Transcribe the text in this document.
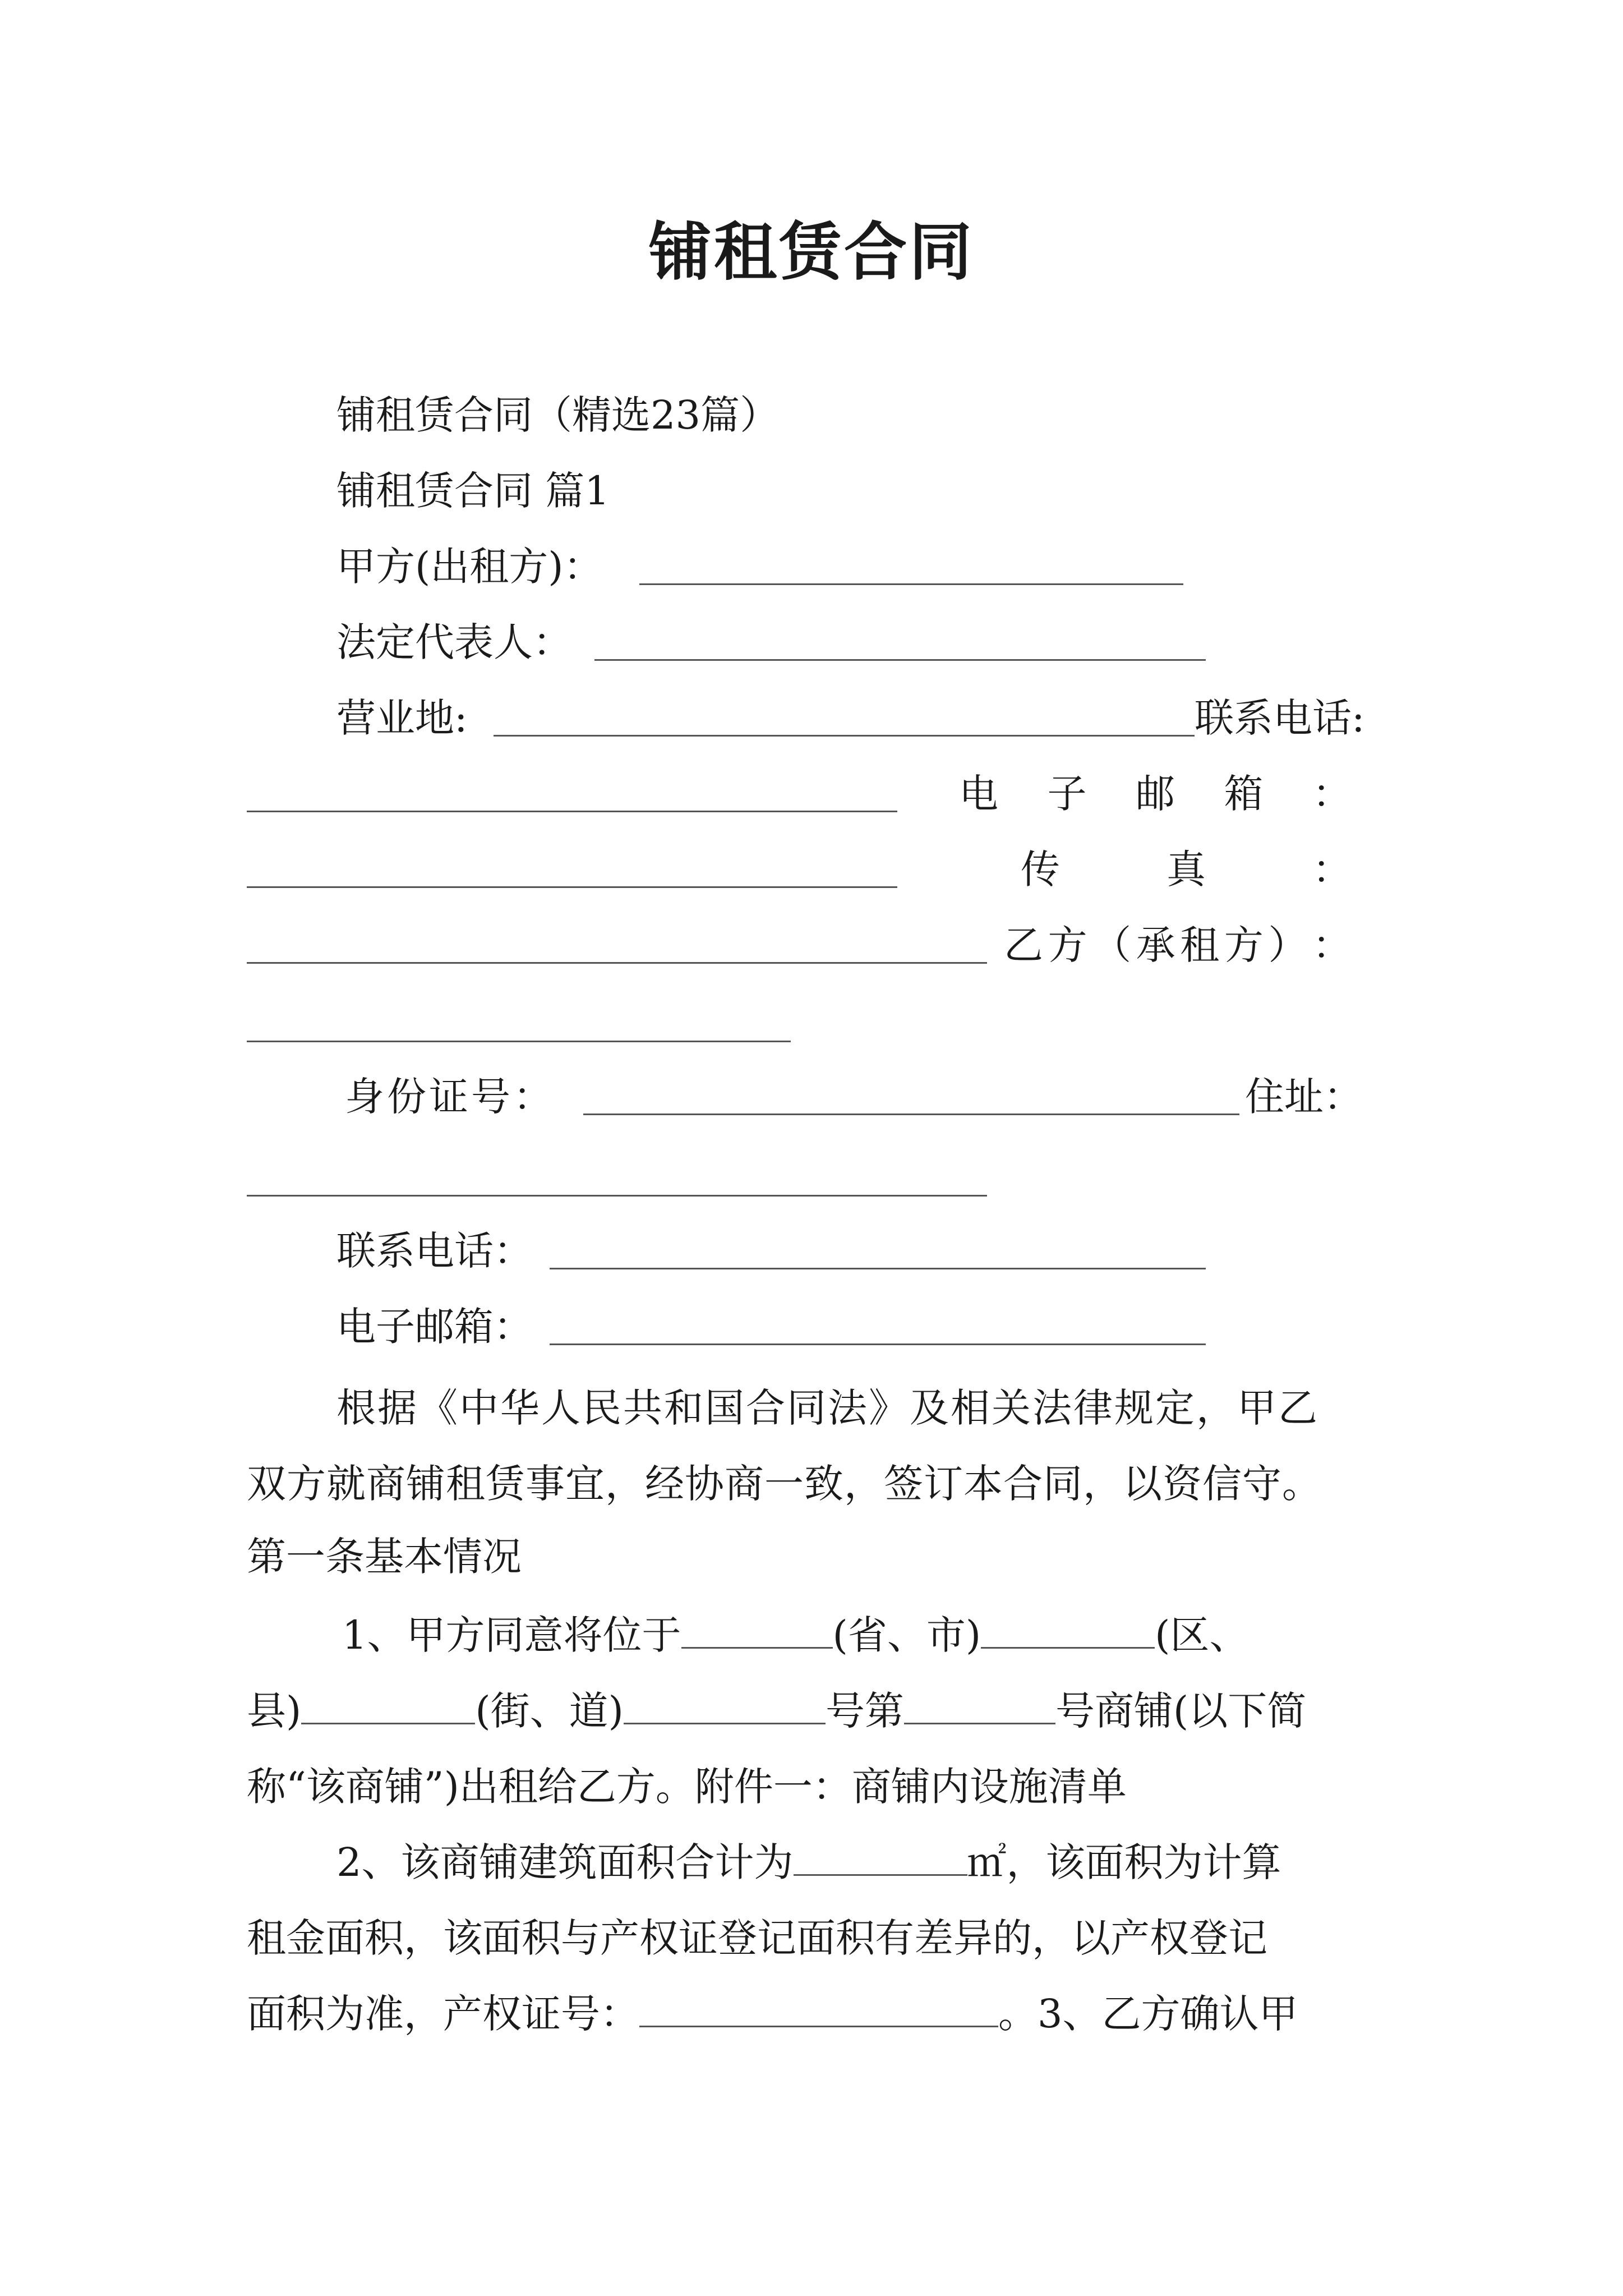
铺租赁合同
铺租赁合同（精选23篇）
铺租赁合同 篇1
甲方(出租方)：
法定代表人：
营业地:	联系电话:
电 子 邮 箱 ：
传	真	：
乙 方 （ 承 租 方 ） ：
身 份 证 号 ：	住 址 ：
联系电话：
电子邮箱：
根据《中华人民共和国合同法》及相关法律规定，甲乙
双方就商铺租赁事宜，经协商一致，签订本合同，以资信守。
第一条基本情况
1、甲方同意将位于	(省、市)	(区、
县)	(街、道)	号第	号商铺(以下简
称“该商铺”)出租给乙方。附件一：商铺内设施清单
2、该商铺建筑面积合计为	㎡，该面积为计算
租金面积，该面积与产权证登记面积有差异的，以产权登记
面积为准，产权证号：	。3、乙方确认甲
